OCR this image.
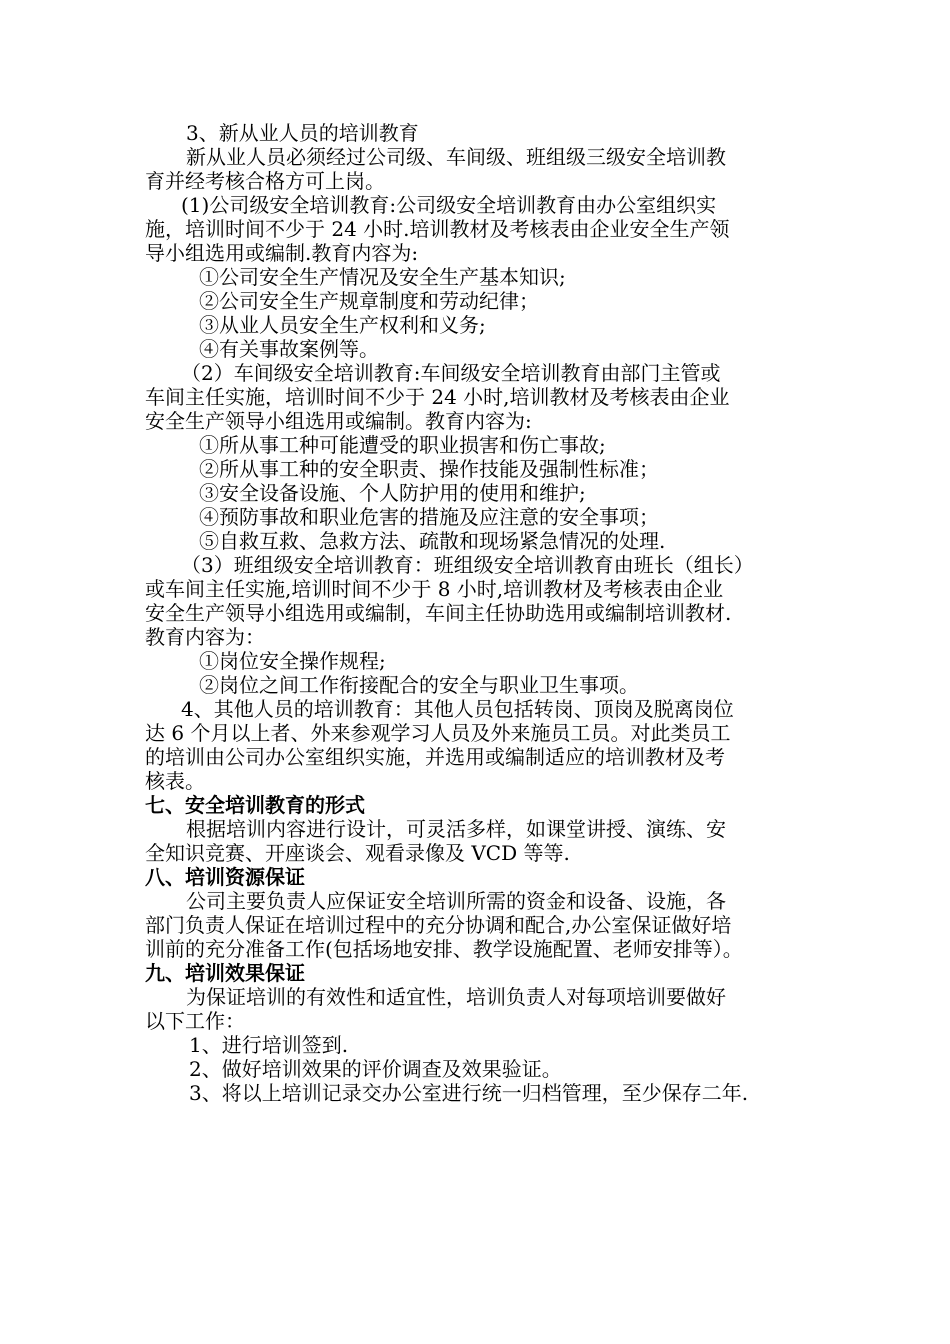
3、新从业人员的培训教育
新从业人员必须经过公司级、车间级、班组级三级安全培训教
育并经考核合格方可上岗。
(1)公司级安全培训教育:公司级安全培训教育由办公室组织实
施，培训时间不少于 24 小时.培训教材及考核表由企业安全生产领
导小组选用或编制.教育内容为:
①公司安全生产情况及安全生产基本知识;
②公司安全生产规章制度和劳动纪律；
③从业人员安全生产权利和义务;
④有关事故案例等。
（2）车间级安全培训教育:车间级安全培训教育由部门主管或
车间主任实施，培训时间不少于 24 小时,培训教材及考核表由企业
安全生产领导小组选用或编制。教育内容为:
①所从事工种可能遭受的职业损害和伤亡事故;
②所从事工种的安全职责、操作技能及强制性标准；
③安全设备设施、个人防护用的使用和维护;
④预防事故和职业危害的措施及应注意的安全事项；
⑤自救互救、急救方法、疏散和现场紧急情况的处理.
（3）班组级安全培训教育：班组级安全培训教育由班长（组长）
或车间主任实施,培训时间不少于 8 小时,培训教材及考核表由企业
安全生产领导小组选用或编制，车间主任协助选用或编制培训教材.
教育内容为：
①岗位安全操作规程;
②岗位之间工作衔接配合的安全与职业卫生事项。
4、其他人员的培训教育：其他人员包括转岗、顶岗及脱离岗位
达 6 个月以上者、外来参观学习人员及外来施员工员。对此类员工
的培训由公司办公室组织实施，并选用或编制适应的培训教材及考
核表。
七、安全培训教育的形式
根据培训内容进行设计，可灵活多样，如课堂讲授、演练、安
全知识竞赛、开座谈会、观看录像及 VCD 等等.
八、培训资源保证
公司主要负责人应保证安全培训所需的资金和设备、设施，各
部门负责人保证在培训过程中的充分协调和配合,办公室保证做好培
训前的充分准备工作(包括场地安排、教学设施配置、老师安排等）。
九、培训效果保证
为保证培训的有效性和适宜性，培训负责人对每项培训要做好
以下工作：
1、进行培训签到.
2、做好培训效果的评价调查及效果验证。
3、将以上培训记录交办公室进行统一归档管理，至少保存二年.
